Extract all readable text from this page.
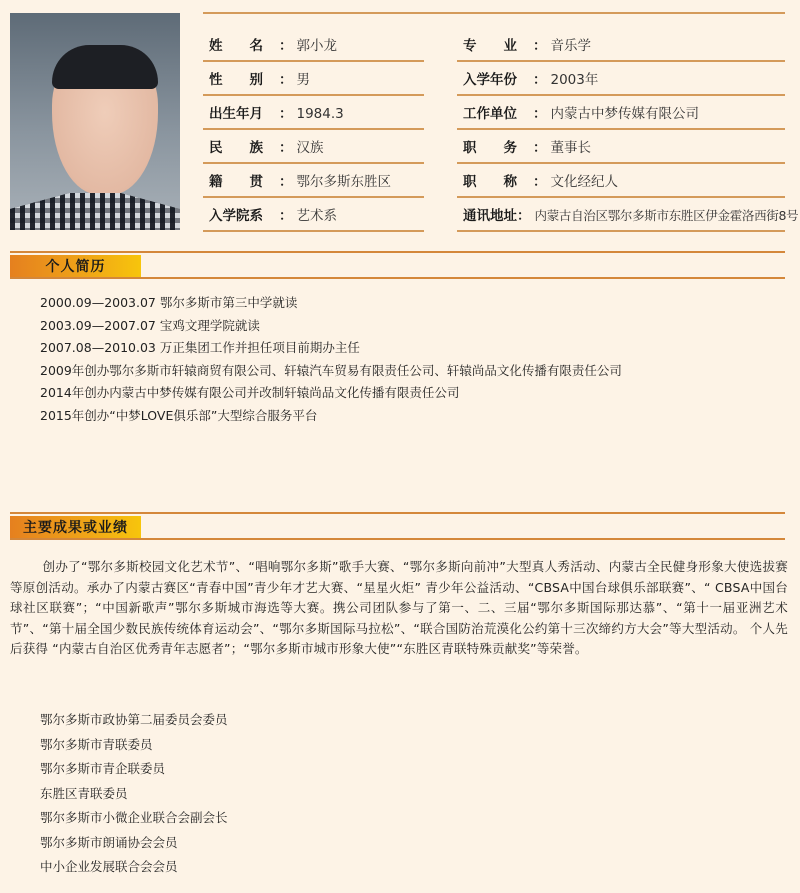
姓　　名	： 郭小龙
性　　别	： 男
出生年月	： 1984.3
民　　族	： 汉族
籍　　贯	： 鄂尔多斯东胜区
入学院系	： 艺术系
专　　业	： 音乐学
入学年份	： 2003年
工作单位	： 内蒙古中梦传媒有限公司
职　　务	： 董事长
职　　称	： 文化经纪人
通讯地址 ： 内蒙古自治区鄂尔多斯市东胜区伊金霍洛西街8号
个人简历
2000.09—2003.07 鄂尔多斯市第三中学就读
2003.09—2007.07 宝鸡文理学院就读
2007.08—2010.03 万正集团工作并担任项目前期办主任
2009年创办鄂尔多斯市轩辕商贸有限公司、轩辕汽车贸易有限责任公司、轩辕尚品文化传播有限责任公司
2014年创办内蒙古中梦传媒有限公司并改制轩辕尚品文化传播有限责任公司
2015年创办“中梦LOVE俱乐部”大型综合服务平台
主要成果或业绩

创办了“鄂尔多斯校园文化艺术节”、“唱响鄂尔多斯”歌手大赛、“鄂尔多斯向前冲”大型真人秀活动、内蒙古全民健身形象大使选拔赛等原创活动。承办了内蒙古赛区“青春中国”青少年才艺大赛、“星星火炬” 青少年公益活动、“CBSA中国台球俱乐部联赛”、“ CBSA中国台球社区联赛”；“中国新歌声”鄂尔多斯城市海选等大赛。携公司团队参与了第一、二、三届“鄂尔多斯国际那达慕”、“第十一届亚洲艺术节”、“第十届全国少数民族传统体育运动会”、“鄂尔多斯国际马拉松”、“联合国防治荒漠化公约第十三次缔约方大会”等大型活动。 个人先后获得 “内蒙古自治区优秀青年志愿者”；“鄂尔多斯市城市形象大使”“东胜区青联特殊贡献奖”等荣誉。

鄂尔多斯市政协第二届委员会委员
鄂尔多斯市青联委员
鄂尔多斯市青企联委员
东胜区青联委员
鄂尔多斯市小微企业联合会副会长
鄂尔多斯市朗诵协会会员
中小企业发展联合会会员
